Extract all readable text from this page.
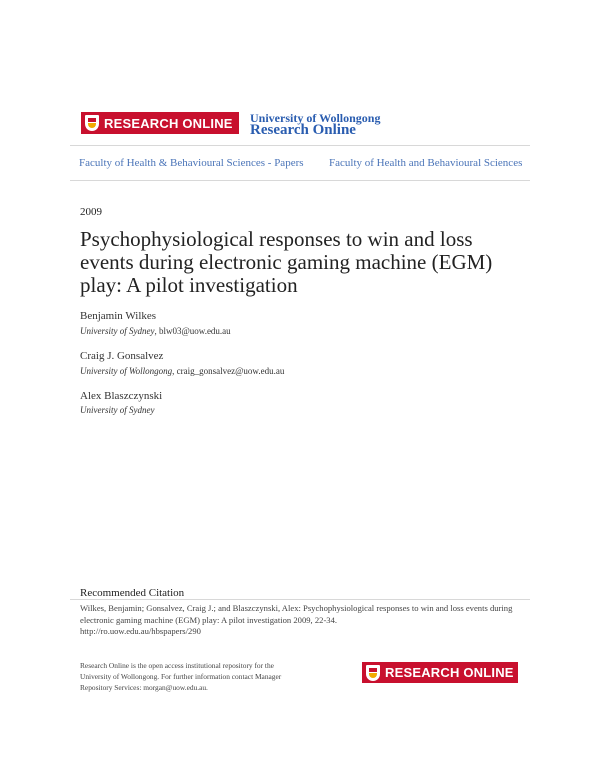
RESEARCH ONLINE University of Wollongong
Research Online
Faculty of Health & Behavioural Sciences - Papers Faculty of Health and Behavioural Sciences
2009
Psychophysiological responses to win and loss events during electronic gaming machine (EGM) play: A pilot investigation
Benjamin Wilkes
University of Sydney, blw03@uow.edu.au
Craig J. Gonsalvez
University of Wollongong, craig_gonsalvez@uow.edu.au
Alex Blaszczynski
University of Sydney
Recommended Citation
Wilkes, Benjamin; Gonsalvez, Craig J.; and Blaszczynski, Alex: Psychophysiological responses to win and loss events during electronic gaming machine (EGM) play: A pilot investigation 2009, 22-34.
http://ro.uow.edu.au/hbspapers/290
Research Online is the open access institutional repository for the
University of Wollongong. For further information contact Manager
Repository Services: morgan@uow.edu.au.
RESEARCH ONLINE
